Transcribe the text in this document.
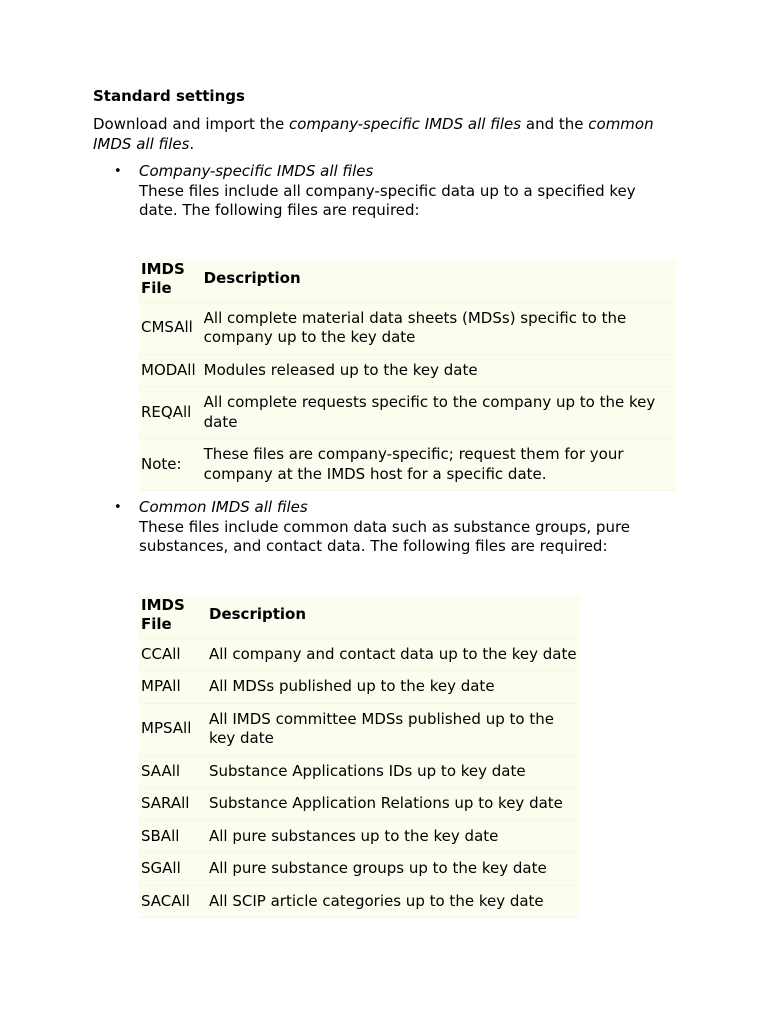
Standard settings
Download and import the company-specific IMDS all files and the common IMDS all files.
• Company-specific IMDS all files
These files include all company-specific data up to a specified key date. The following files are required:
IMDS File	Description
CMSAll	All complete material data sheets (MDSs) specific to the company up to the key date
MODAll	Modules released up to the key date
REQAll	All complete requests specific to the company up to the key date
Note:	These files are company-specific; request them for your company at the IMDS host for a specific date.
• Common IMDS all files
These files include common data such as substance groups, pure substances, and contact data. The following files are required:
IMDS File	Description
CCAll	All company and contact data up to the key date
MPAll	All MDSs published up to the key date
MPSAll	All IMDS committee MDSs published up to the key date
SAAll	Substance Applications IDs up to key date
SARAll	Substance Application Relations up to key date
SBAll	All pure substances up to the key date
SGAll	All pure substance groups up to the key date
SACAll	All SCIP article categories up to the key date
